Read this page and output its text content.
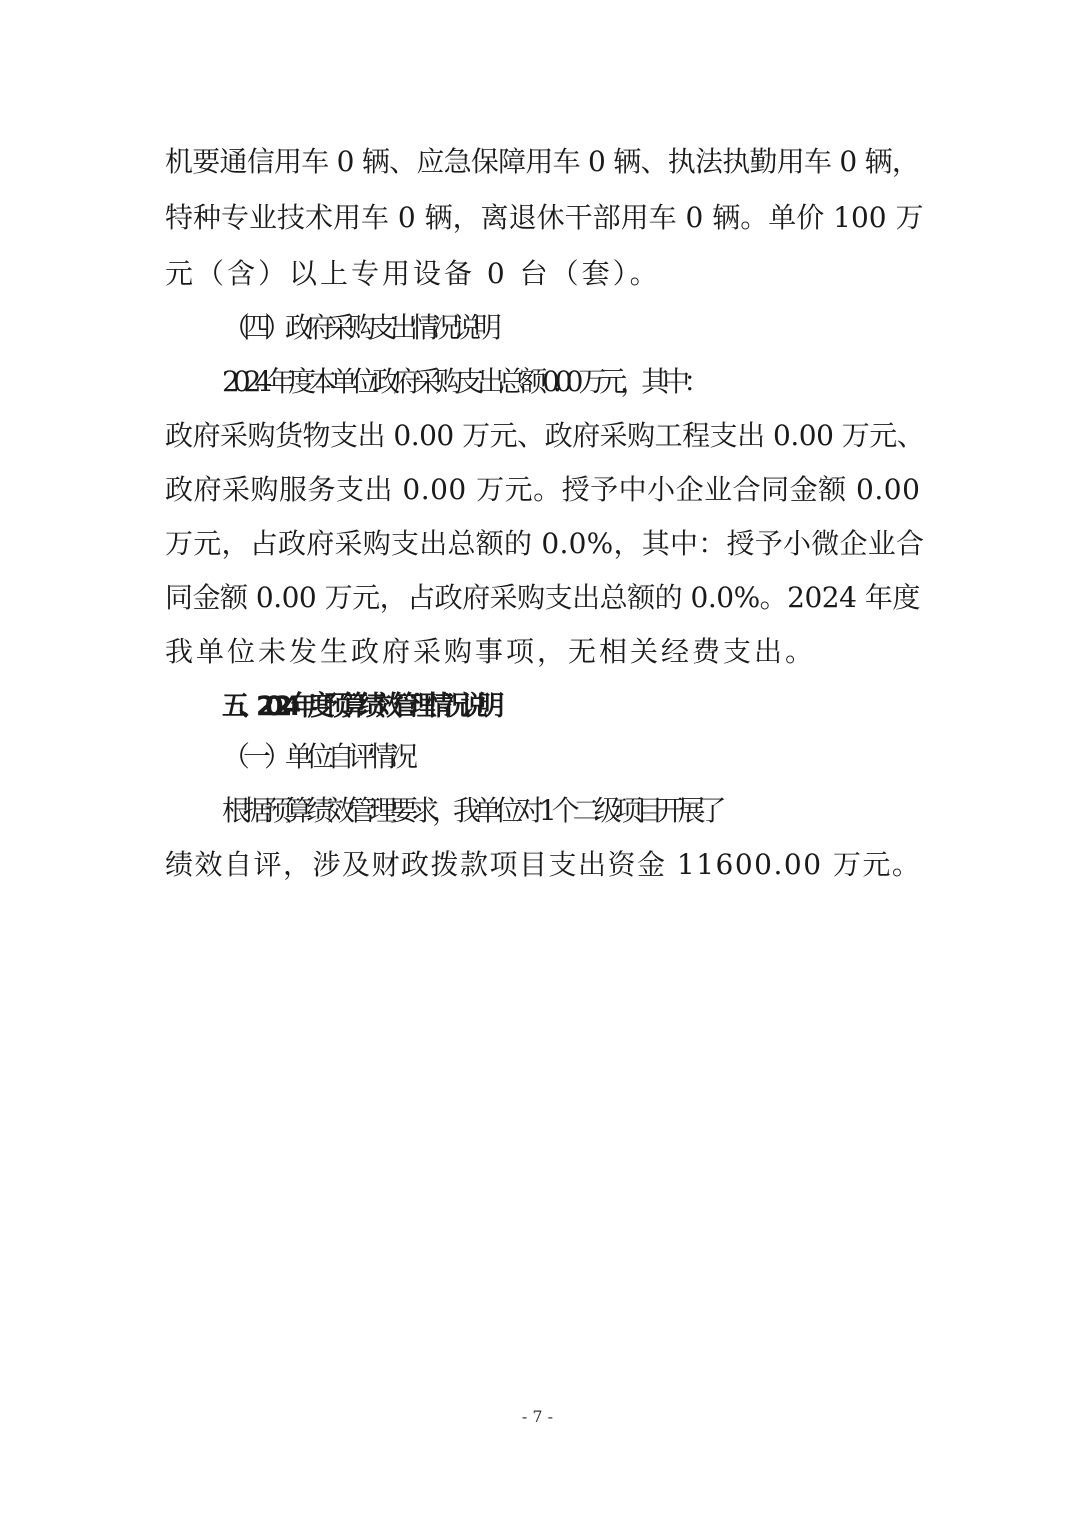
机要通信用车 0 辆、应急保障用车 0 辆、执法执勤用车 0 辆，
特种专业技术用车 0 辆，离退休干部用车 0 辆。单价 100 万
元（含）以上专用设备 0 台（套）。
（四）政府采购支出情况说明
2024 年度本单位政府采购支出总额 0.00 万元，其中：
政府采购货物支出 0.00 万元、政府采购工程支出 0.00 万元、
政府采购服务支出 0.00 万元。授予中小企业合同金额 0.00
万元，占政府采购支出总额的 0.0%，其中：授予小微企业合
同金额 0.00 万元，占政府采购支出总额的 0.0%。2024 年度
我单位未发生政府采购事项，无相关经费支出。
五、2024 年度预算绩效管理情况说明
（一）单位自评情况
根据预算绩效管理要求，我单位对 1 个二级项目开展了
绩效自评，涉及财政拨款项目支出资金 11600.00 万元。
- 7 -
